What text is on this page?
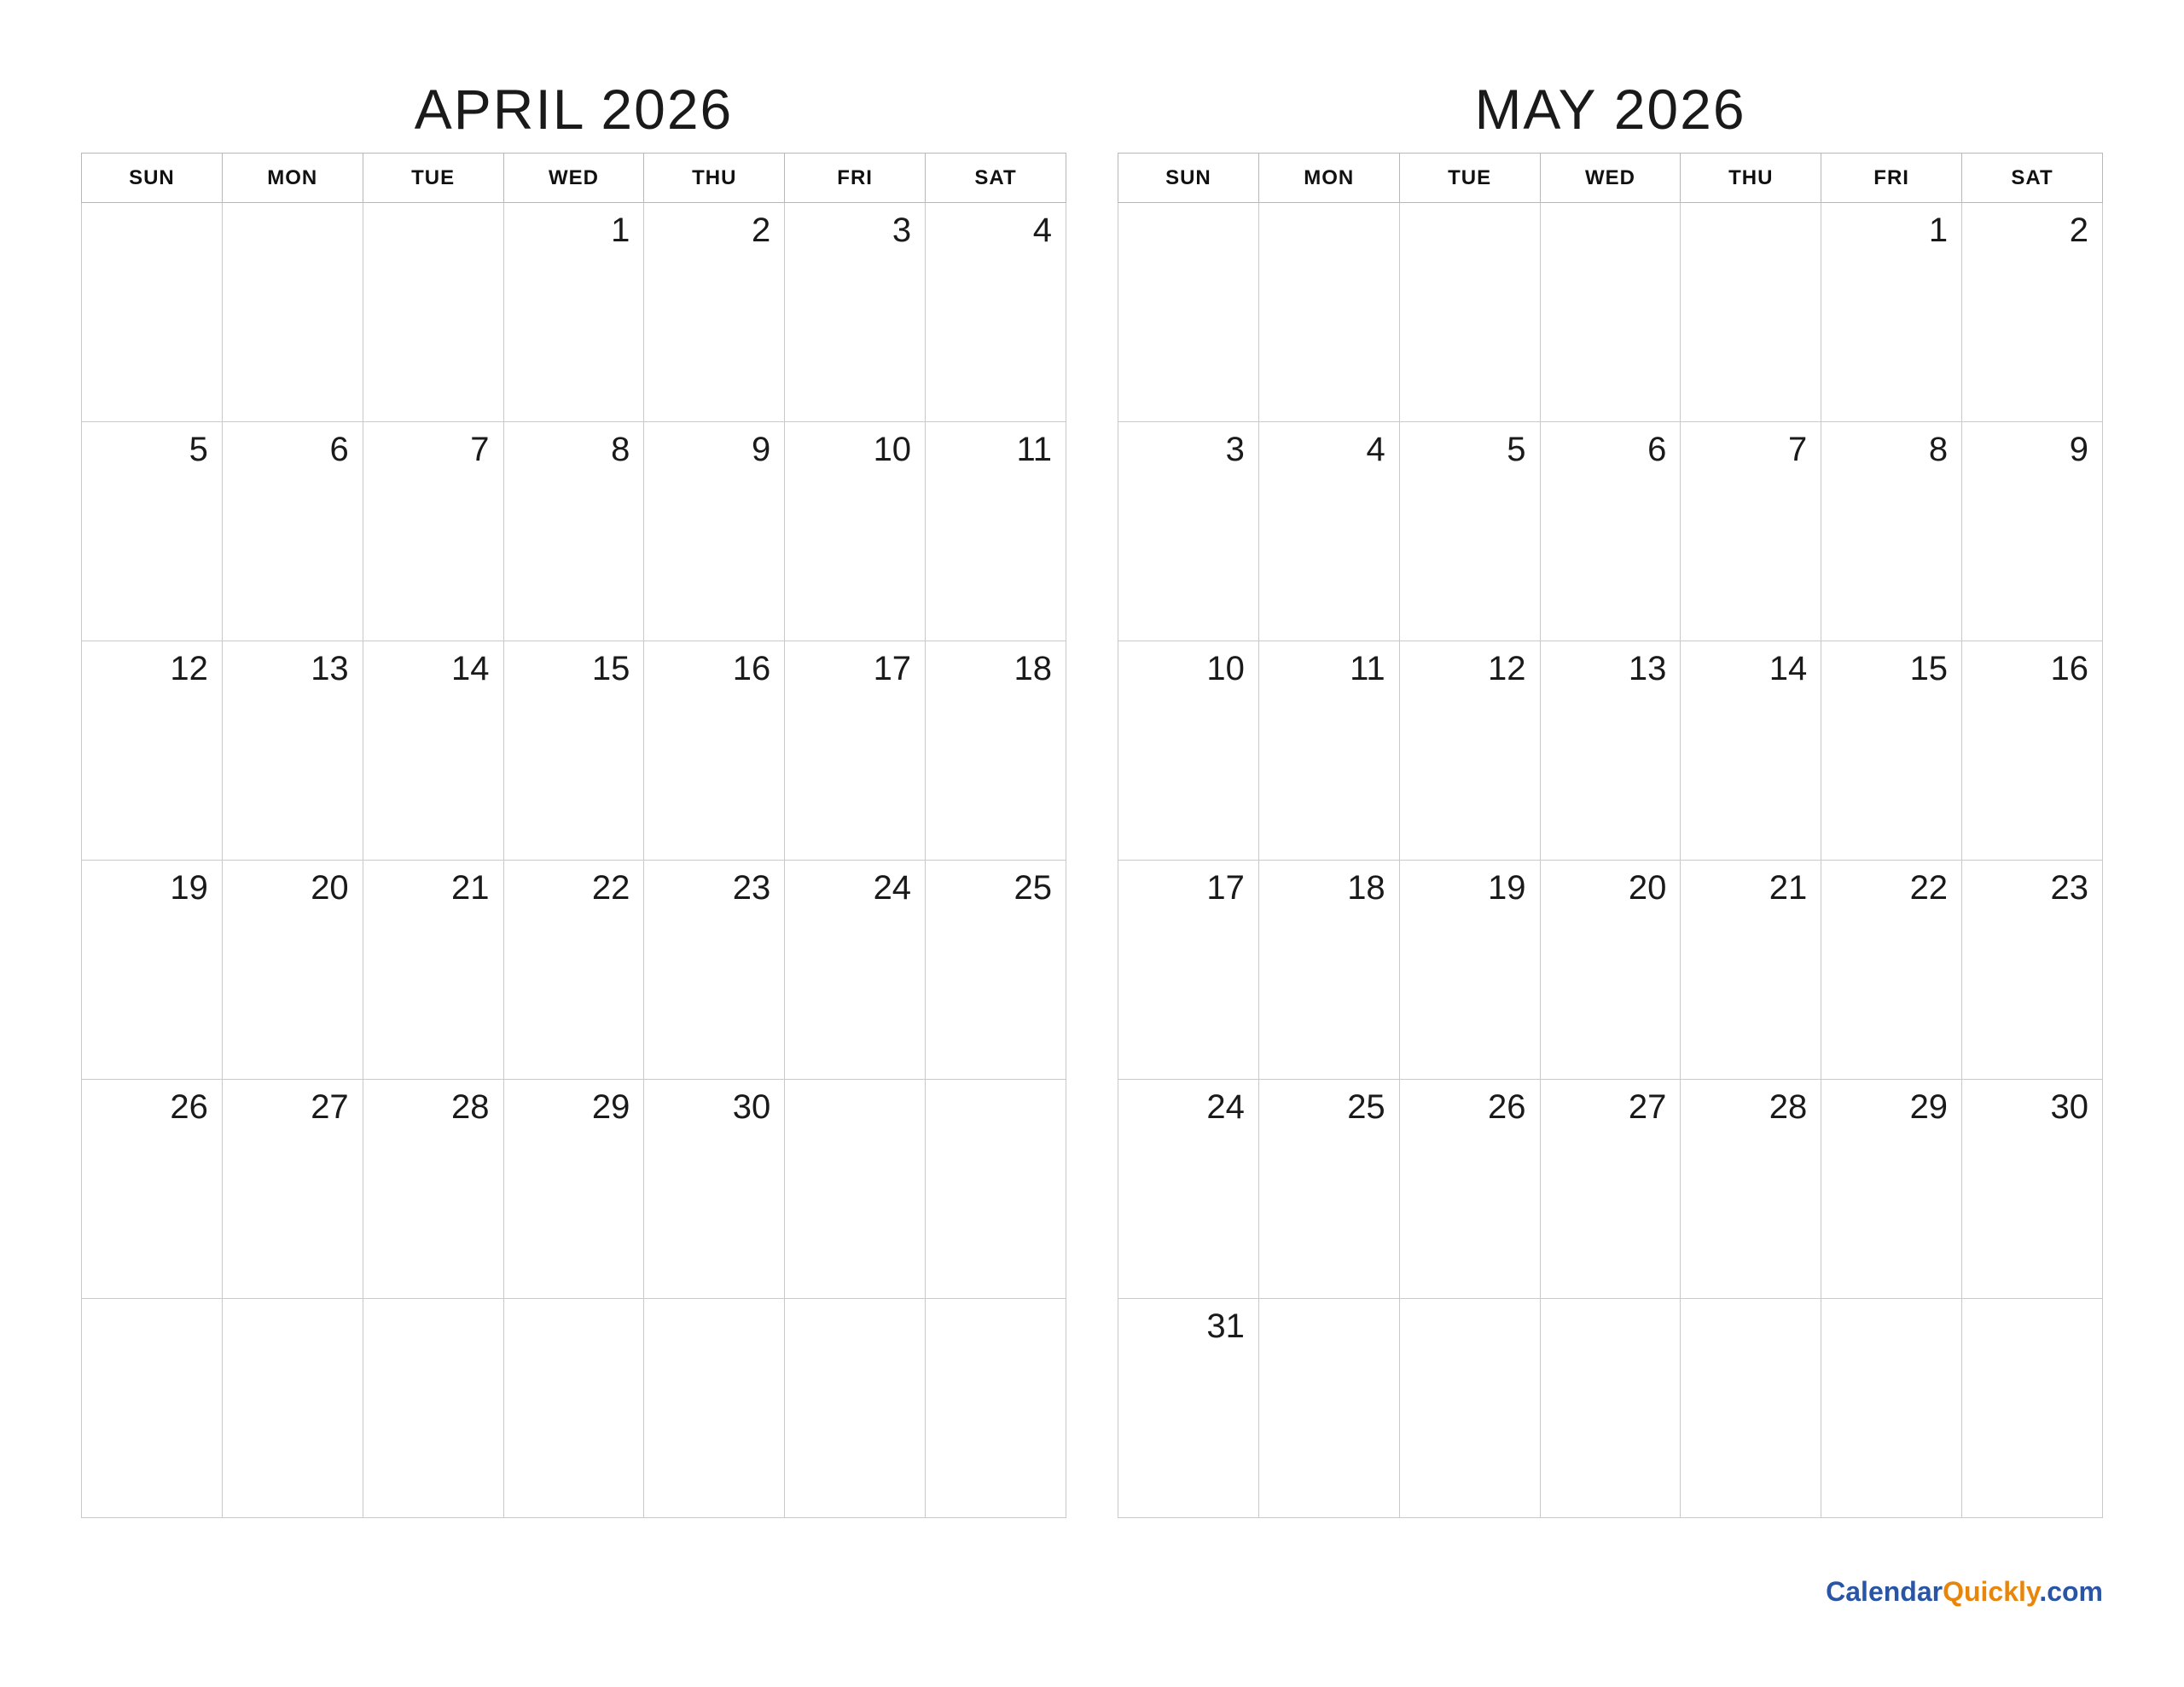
APRIL 2026
SUN	MON	TUE	WED	THU	FRI	SAT
			1	2	3	4
5	6	7	8	9	10	11
12	13	14	15	16	17	18
19	20	21	22	23	24	25
26	27	28	29	30		

MAY 2026
SUN	MON	TUE	WED	THU	FRI	SAT
					1	2
3	4	5	6	7	8	9
10	11	12	13	14	15	16
17	18	19	20	21	22	23
24	25	26	27	28	29	30
31						
CalendarQuickly.com
